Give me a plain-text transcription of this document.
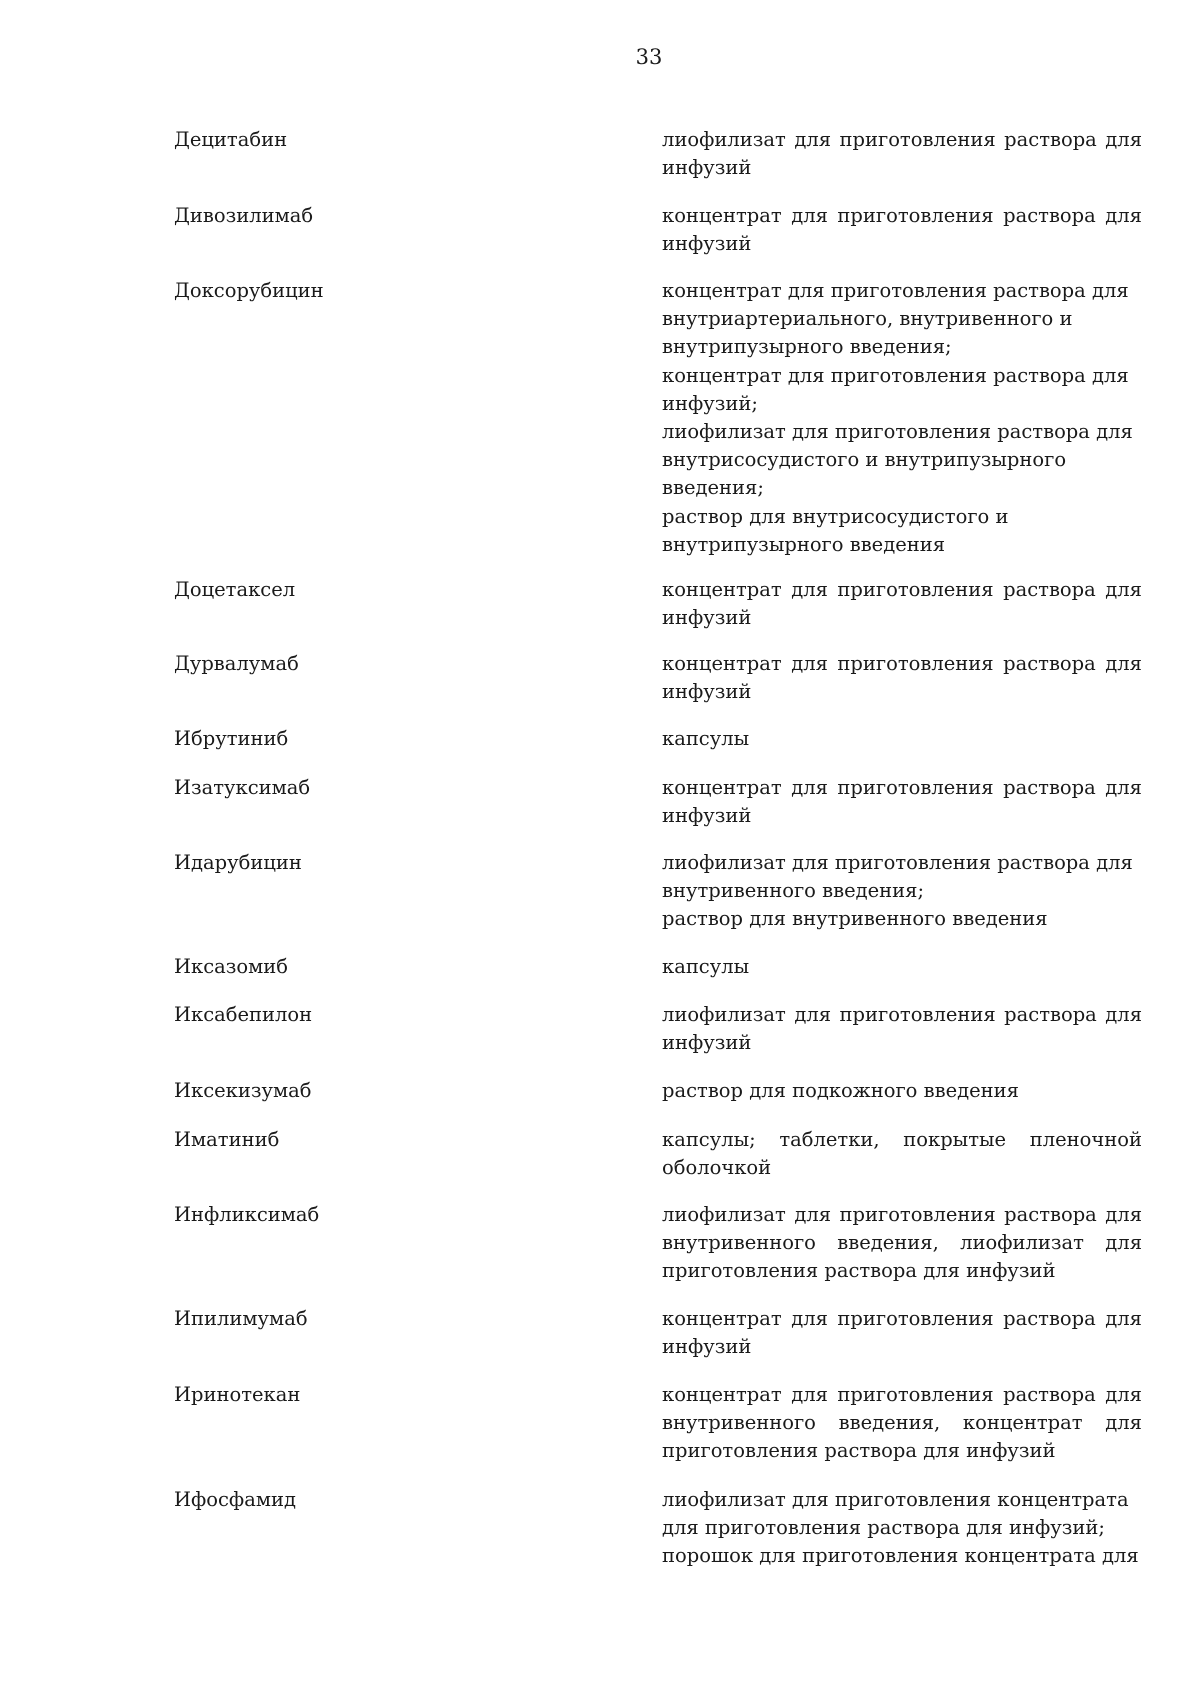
33
Децитабин	лиофилизат для приготовления раствора для
инфузий
Дивозилимаб	концентрат для приготовления раствора для
инфузий
Доксорубицин	концентрат для приготовления раствора для
внутриартериального, внутривенного и
внутрипузырного введения;
концентрат для приготовления раствора для
инфузий;
лиофилизат для приготовления раствора для
внутрисосудистого и внутрипузырного
введения;
раствор для внутрисосудистого и
внутрипузырного введения
Доцетаксел	концентрат для приготовления раствора для
инфузий
Дурвалумаб	концентрат для приготовления раствора для
инфузий
Ибрутиниб	капсулы
Изатуксимаб	концентрат для приготовления раствора для
инфузий
Идарубицин	лиофилизат для приготовления раствора для
внутривенного введения;
раствор для внутривенного введения
Иксазомиб	капсулы
Иксабепилон	лиофилизат для приготовления раствора для
инфузий
Иксекизумаб	раствор для подкожного введения
Иматиниб	капсулы; таблетки, покрытые пленочной
оболочкой
Инфликсимаб	лиофилизат для приготовления раствора для
внутривенного введения, лиофилизат для
приготовления раствора для инфузий
Ипилимумаб	концентрат для приготовления раствора для
инфузий
Иринотекан	концентрат для приготовления раствора для
внутривенного введения, концентрат для
приготовления раствора для инфузий
Ифосфамид	лиофилизат для приготовления концентрата
для приготовления раствора для инфузий;
порошок для приготовления концентрата для
